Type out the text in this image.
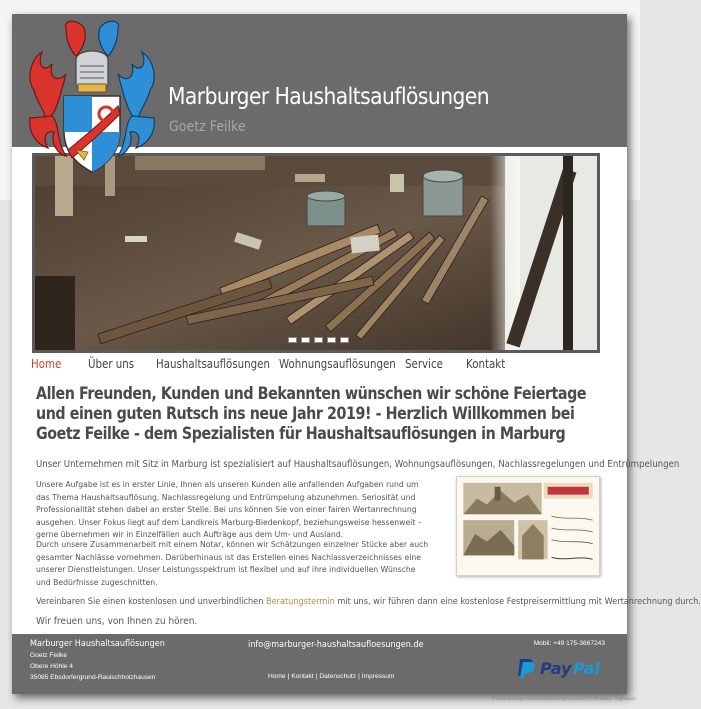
Marburger Haushaltsauflösungen
Goetz Feilke
Home Über uns Haushaltsauflösungen Wohnungsauflösungen Service Kontakt
Allen Freunden, Kunden und Bekannten wünschen wir schöne Feiertage und einen guten Rutsch ins neue Jahr 2019! - Herzlich Willkommen bei Goetz Feilke - dem Spezialisten für Haushaltsauflösungen in Marburg
Unser Unternehmen mit Sitz in Marburg ist spezialisiert auf Haushaltsauflösungen, Wohnungsauflösungen, Nachlassregelungen und Entrümpelungen

Unsere Aufgabe ist es in erster Linie, Ihnen als unseren Kunden alle anfallenden Aufgaben rund um das Thema Haushaltsauflösung, Nachlassregelung und Entrümpelung abzunehmen. Seriosität und Professionalität stehen dabei an erster Stelle. Bei uns können Sie von einer fairen Wertanrechnung ausgehen. Unser Fokus liegt auf dem Landkreis Marburg-Biedenkopf, beziehungsweise hessenweit – gerne übernehmen wir in Einzelfällen auch Aufträge aus dem Um- und Ausland.

Durch unsere Zusammenarbeit mit einem Notar, können wir Schätzungen einzelner Stücke aber auch gesamter Nachlässe vornehmen. Darüberhinaus ist das Erstellen eines Nachlassverzeichnisses eine unserer Dienstleistungen. Unser Leistungsspektrum ist flexibel und auf ihre individuellen Wünsche und Bedürfnisse zugeschnitten.

Vereinbaren Sie einen kostenlosen und unverbindlichen Beratungstermin mit uns, wir führen dann eine kostenlose Festpreisermittlung mit Wertanrechnung durch.

Wir freuen uns, von Ihnen zu hören.

Marburger Haushaltsauflösungen
Goetz Feilke
Obere Höhle 4
35085 Ebsdorfergrund-Rauischholzhausen
info@marburger-haushaltsaufloesungen.de
Home | Kontakt | Datenschutz | Impressum
Mobil: +49 175-3667243
Pay Pal
© 2019 Marburger Haushaltsauflösungen powered by DR-Media · Impressum
